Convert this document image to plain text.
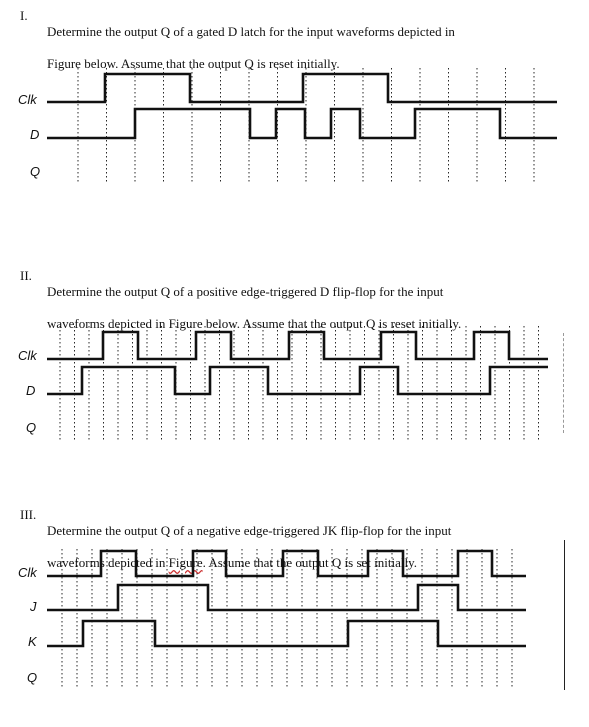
I.

Determine the output Q of a gated D latch for the input waveforms depicted in

Figure below. Assume that the output Q is reset initially.

Clk
D
Q
II.

Determine the output Q of a positive edge-triggered D flip-flop for the input

waveforms depicted in Figure below. Assume that the output Q is reset initially.

Clk
D
Q
III.

Determine the output Q of a negative edge-triggered JK flip-flop for the input

waveforms depicted in Figure. Assume that the output Q is set initially.

Clk
J
K
Q
